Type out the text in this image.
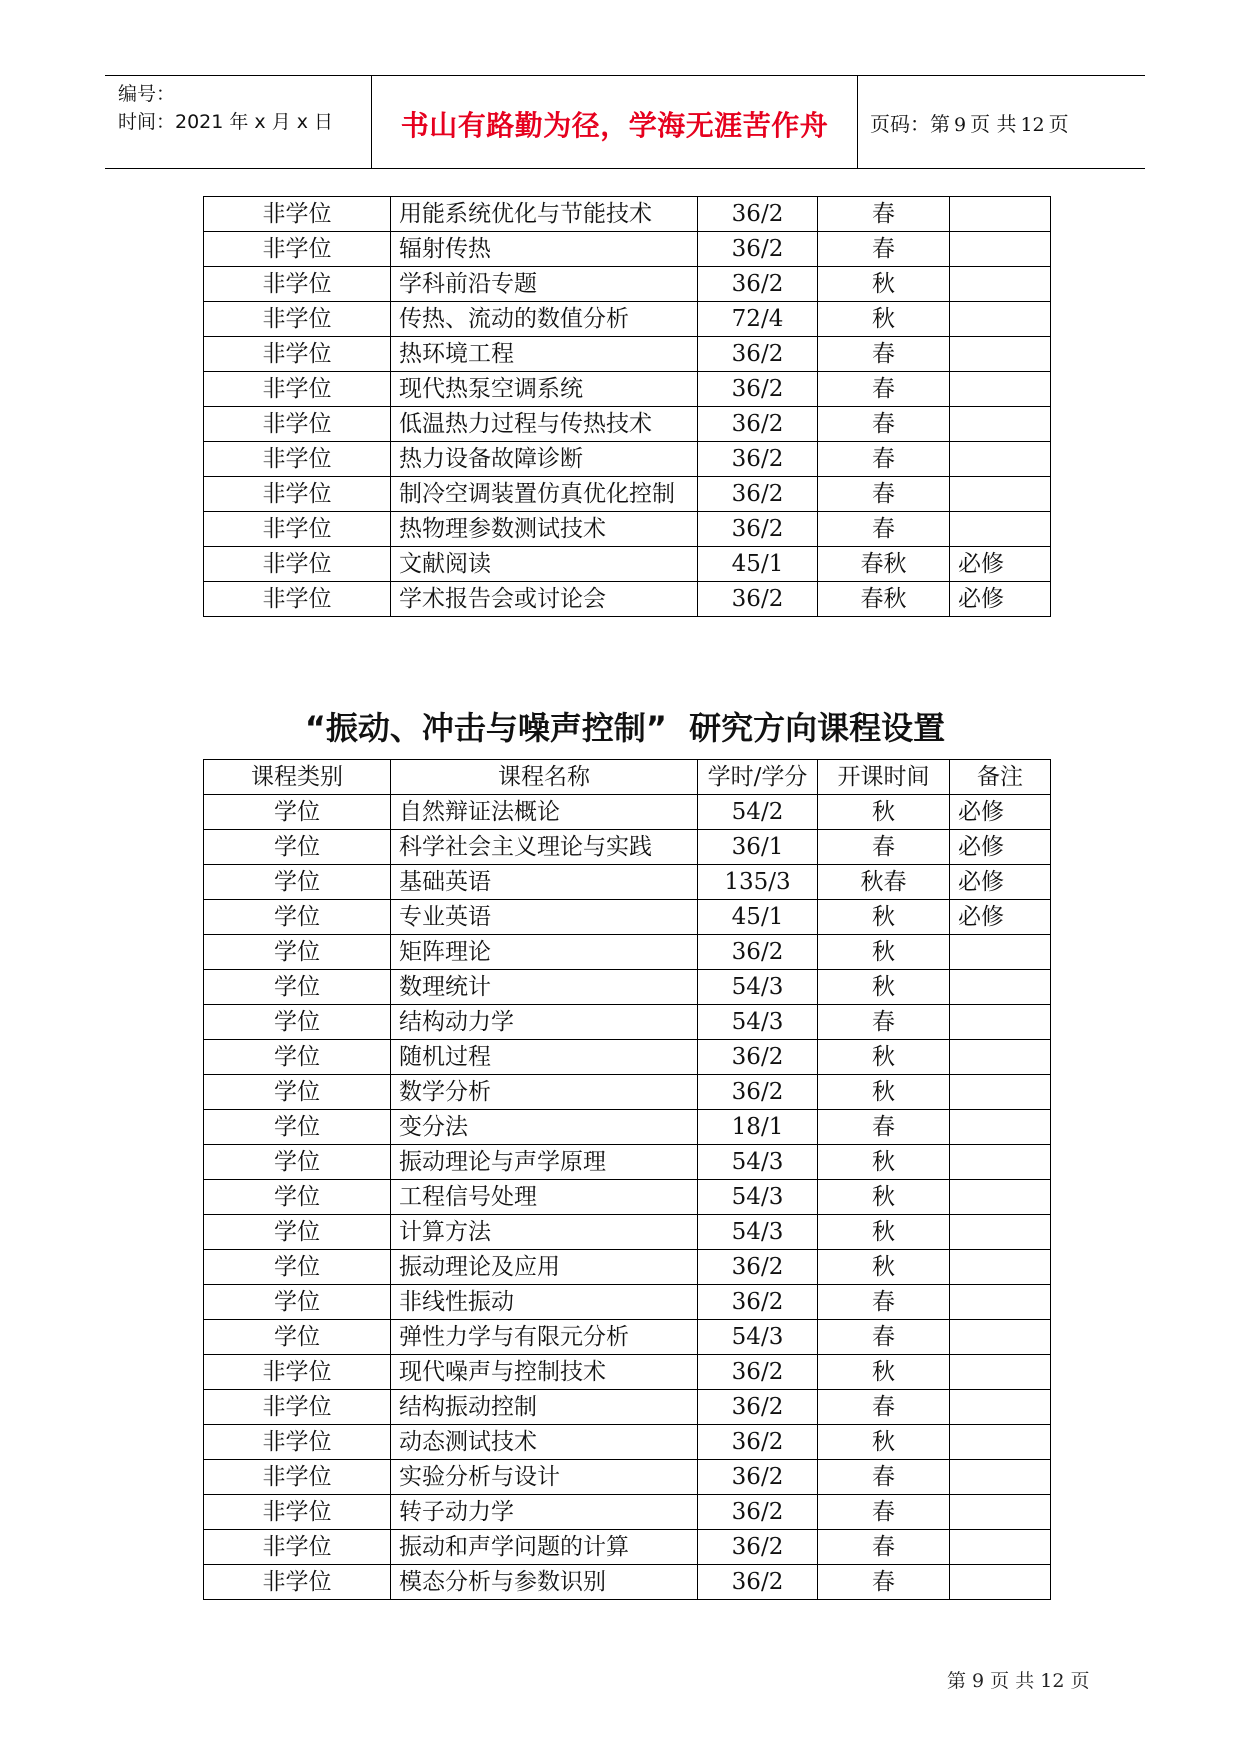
编号：
时间：2021 年 x 月 x 日	书山有路勤为径，学海无涯苦作舟	页码：第 9 页 共 12 页
非学位	用能系统优化与节能技术	36/2	春	
非学位	辐射传热	36/2	春	
非学位	学科前沿专题	36/2	秋	
非学位	传热、流动的数值分析	72/4	秋	
非学位	热环境工程	36/2	春	
非学位	现代热泵空调系统	36/2	春	
非学位	低温热力过程与传热技术	36/2	春	
非学位	热力设备故障诊断	36/2	春	
非学位	制冷空调装置仿真优化控制	36/2	春	
非学位	热物理参数测试技术	36/2	春	
非学位	文献阅读	45/1	春秋	必修
非学位	学术报告会或讨论会	36/2	春秋	必修
“振动、冲击与噪声控制”  研究方向课程设置
课程类别	课程名称	学时/学分	开课时间	备注
学位	自然辩证法概论	54/2	秋	必修
学位	科学社会主义理论与实践	36/1	春	必修
学位	基础英语	135/3	秋春	必修
学位	专业英语	45/1	秋	必修
学位	矩阵理论	36/2	秋	
学位	数理统计	54/3	秋	
学位	结构动力学	54/3	春	
学位	随机过程	36/2	秋	
学位	数学分析	36/2	秋	
学位	变分法	18/1	春	
学位	振动理论与声学原理	54/3	秋	
学位	工程信号处理	54/3	秋	
学位	计算方法	54/3	秋	
学位	振动理论及应用	36/2	秋	
学位	非线性振动	36/2	春	
学位	弹性力学与有限元分析	54/3	春	
非学位	现代噪声与控制技术	36/2	秋	
非学位	结构振动控制	36/2	春	
非学位	动态测试技术	36/2	秋	
非学位	实验分析与设计	36/2	春	
非学位	转子动力学	36/2	春	
非学位	振动和声学问题的计算	36/2	春	
非学位	模态分析与参数识别	36/2	春	
第 9 页 共 12 页
